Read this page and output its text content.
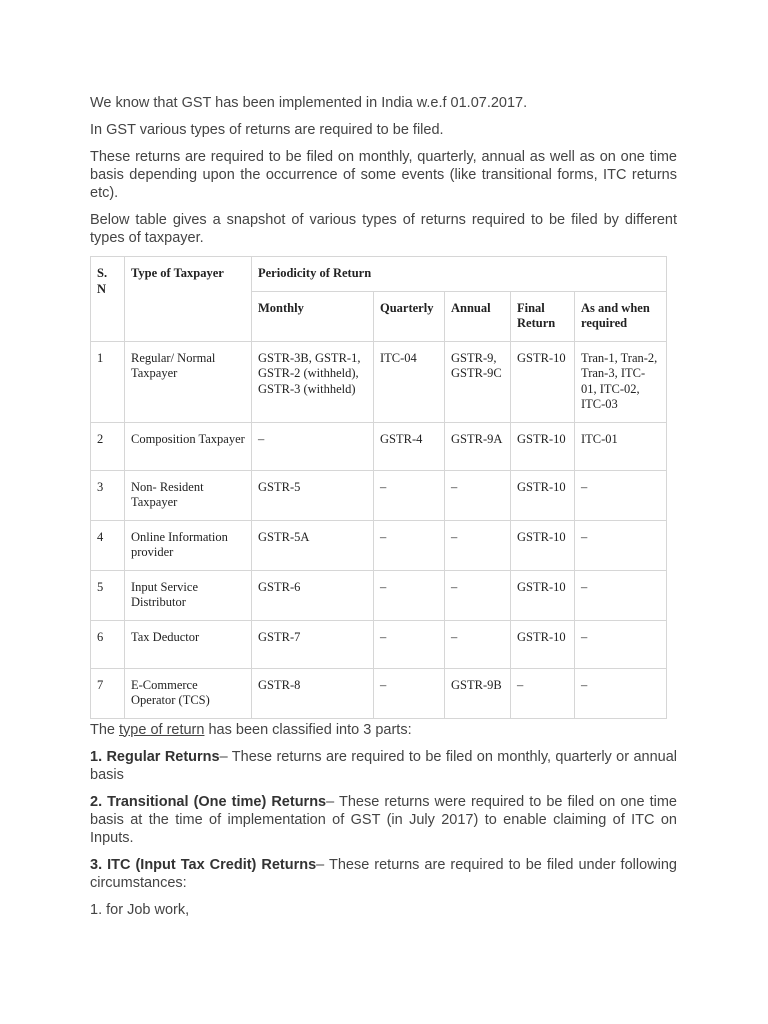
We know that GST has been implemented in India w.e.f 01.07.2017.

In GST various types of returns are required to be filed.

These returns are required to be filed on monthly, quarterly, annual as well as on one time basis depending upon the occurrence of some events (like transitional forms, ITC returns etc).

Below table gives a snapshot of various types of returns required to be filed by different types of taxpayer.

S. N	Type of Taxpayer	Periodicity of Return				
		Monthly	Quarterly	Annual	Final Return	As and when required
1	Regular/ Normal Taxpayer	GSTR-3B, GSTR-1, GSTR-2 (withheld), GSTR-3 (withheld)	ITC-04	GSTR-9, GSTR-9C	GSTR-10	Tran-1, Tran-2, Tran-3, ITC-01, ITC-02, ITC-03
2	Composition Taxpayer	–	GSTR-4	GSTR-9A	GSTR-10	ITC-01
3	Non- Resident Taxpayer	GSTR-5	–	–	GSTR-10	–
4	Online Information provider	GSTR-5A	–	–	GSTR-10	–
5	Input Service Distributor	GSTR-6	–	–	GSTR-10	–
6	Tax Deductor	GSTR-7	–	–	GSTR-10	–
7	E-Commerce Operator (TCS)	GSTR-8	–	GSTR-9B	–	–

The type of return has been classified into 3 parts:

1. Regular Returns– These returns are required to be filed on monthly, quarterly or annual basis

2. Transitional (One time) Returns– These returns were required to be filed on one time basis at the time of implementation of GST (in July 2017) to enable claiming of ITC on Inputs.

3. ITC (Input Tax Credit) Returns– These returns are required to be filed under following circumstances:

1. for Job work,
